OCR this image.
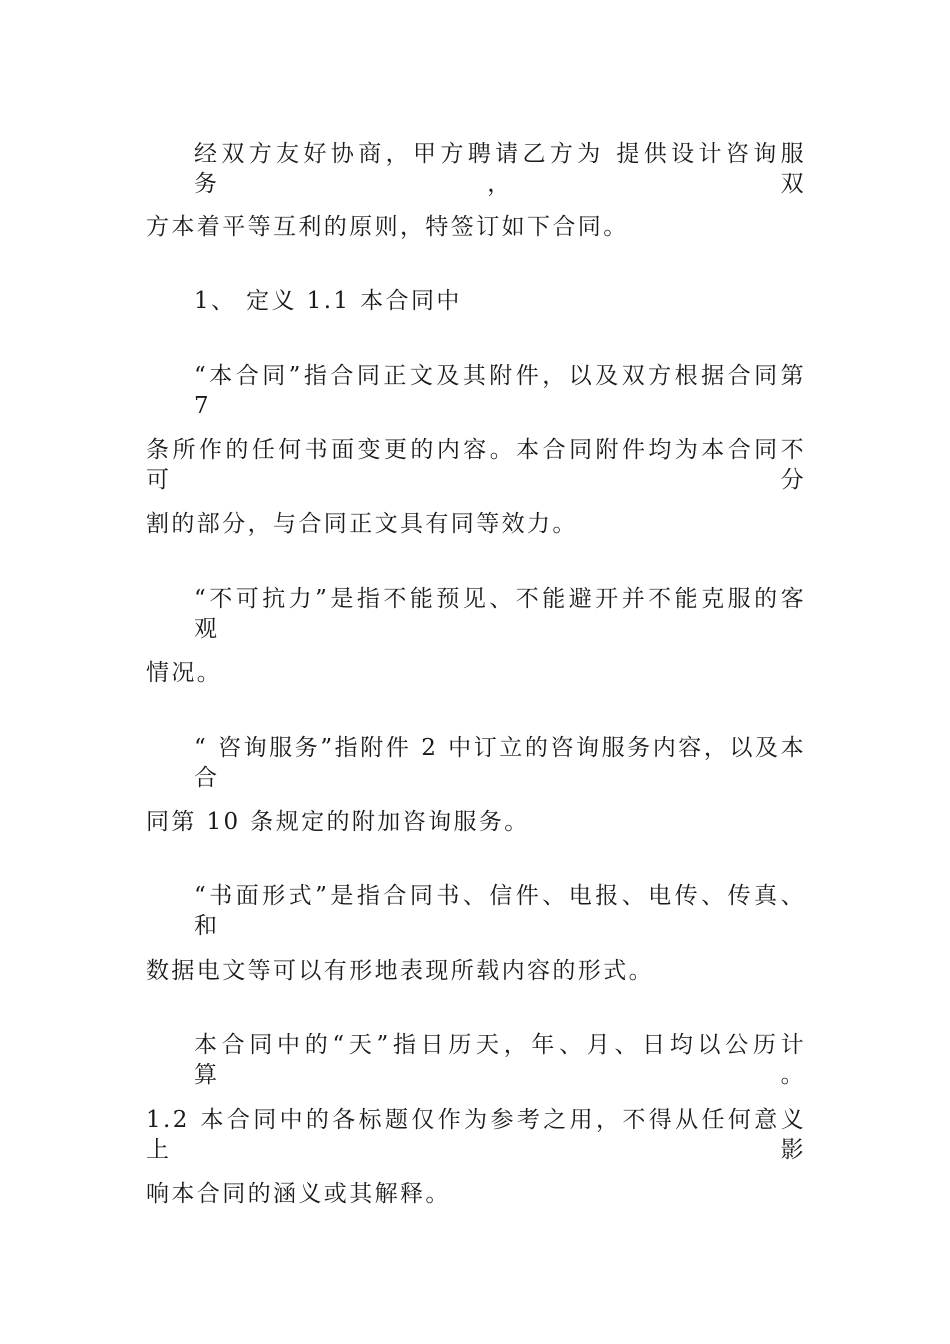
经双方友好协商，甲方聘请乙方为 提供设计咨询服务，双
方本着平等互利的原则，特签订如下合同。
1、 定义 1.1 本合同中
“本合同”指合同正文及其附件，以及双方根据合同第 7
条所作的任何书面变更的内容。本合同附件均为本合同不可分
割的部分，与合同正文具有同等效力。
“不可抗力”是指不能预见、不能避开并不能克服的客观
情况。
“ 咨询服务”指附件 2 中订立的咨询服务内容，以及本合
同第 10 条规定的附加咨询服务。
“书面形式”是指合同书、信件、电报、电传、传真、和
数据电文等可以有形地表现所载内容的形式。
本合同中的“天”指日历天，年、月、日均以公历计算。
1.2 本合同中的各标题仅作为参考之用，不得从任何意义上影
响本合同的涵义或其解释。
